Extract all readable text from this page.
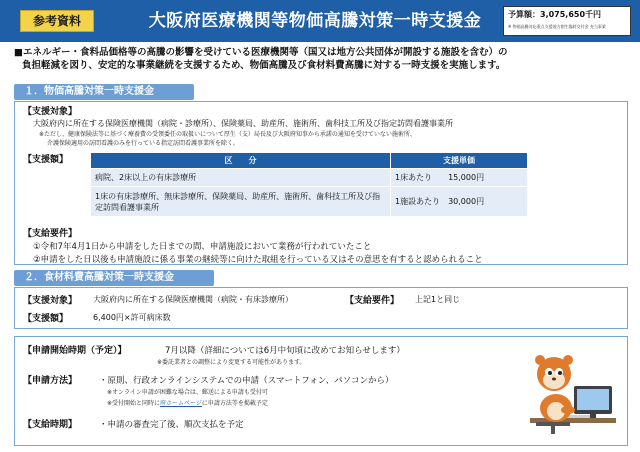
参考資料	大阪府医療機関等物価高騰対策一時支援金	予算額：3,075,650千円
※ 物価高騰対応重点支援地方創生臨時交付金 充当事業
■エネルギー・食料品価格等の高騰の影響を受けている医療機関等（国又は地方公共団体が開設する施設を含む）の
負担軽減を図り、安定的な事業継続を支援するため、物価高騰及び食材料費高騰に対する一時支援を実施します。
１．物価高騰対策一時支援金
【支援対象】
大阪府内に所在する保険医療機関（病院・診療所）、保険薬局、助産所、施術所、歯科技工所及び指定訪問看護事業所
※ただし、健康保険法等に基づく療養費の受領委任の取扱いについて厚生（支）局長及び大阪府知事から承諾の通知を受けていない施術所、
介護保険適用の訪問看護のみを行っている指定訪問看護事業所を除く。
【支援額】
【支給要件】
①令和7年4月1日から申請をした日までの間、申請施設において業務が行われていたこと
②申請をした日以後も申請施設に係る事業の継続等に向けた取組を行っている又はその意思を有すると認められること
区　　分	支援単価
病院、2床以上の有床診療所	1床あたり　　15,000円
1床の有床診療所、無床診療所、保険薬局、助産所、施術所、歯科技工所及び指定訪問看護事業所	1施設あたり　30,000円
２．食材料費高騰対策一時支援金
【支援対象】 大阪府内に所在する保険医療機関（病院・有床診療所）	【支給要件】 上記1と同じ
【支援額】	6,400円×許可病床数
【申請開始時期（予定）】	7月以降（詳細については6月中旬頃に改めてお知らせします）
※委託業者との調整により変更する可能性があります。
【申請方法】	・原則、行政オンラインシステムでの申請（スマートフォン、パソコンから）
※オンライン申請が困難な場合は、郵送による申請も受付可
※受付開始と同時に府ホームページに申請方法等を掲載予定
【支給時期】	・申請の審査完了後、順次支払を予定
